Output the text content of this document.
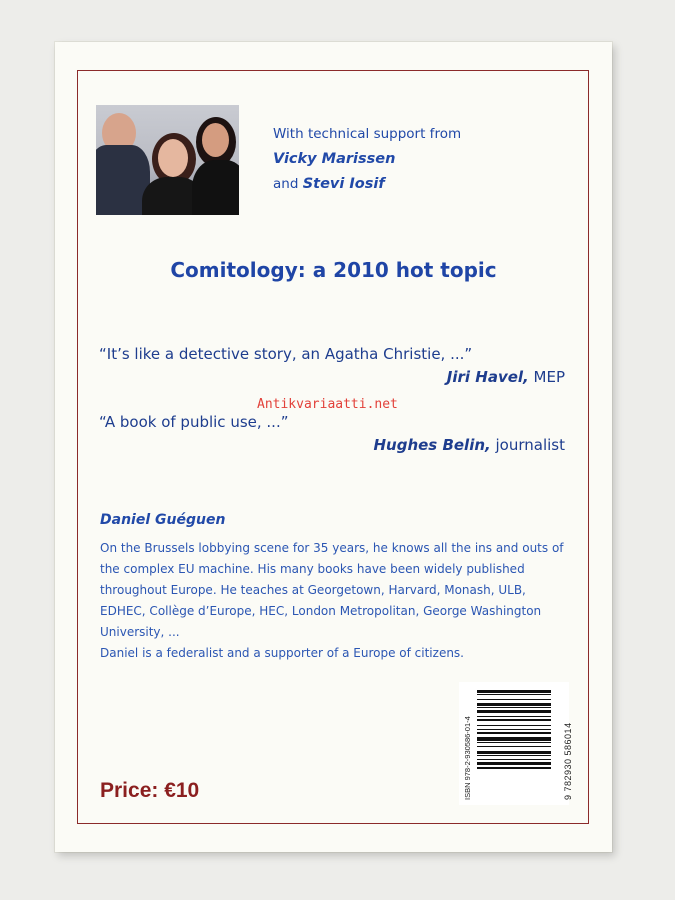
With technical support from
Vicky Marissen
and Stevi Iosif
Comitology: a 2010 hot topic
“It’s like a detective story, an Agatha Christie, ...”
Jiri Havel, MEP
Antikvariaatti.net
“A book of public use, ...”
Hughes Belin, journalist
Daniel Guéguen
On the Brussels lobbying scene for 35 years, he knows all the ins and outs of the complex EU machine. His many books have been widely published throughout Europe. He teaches at Georgetown, Harvard, Monash, ULB, EDHEC, Collège d’Europe, HEC, London Metropolitan, George Washington University, ...
Daniel is a federalist and a supporter of a Europe of citizens.
Price: €10	ISBN 978-2-930586-01-4	9 782930 586014
